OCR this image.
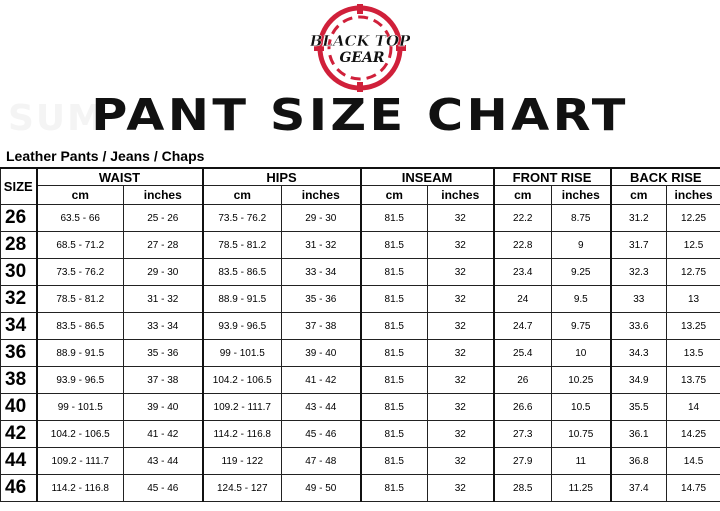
BLACK TOP
GEAR
SUM
PANT SIZE CHART
Leather Pants / Jeans / Chaps
SIZE	WAIST		HIPS		INSEAM		FRONT RISE		BACK RISE	
	cm	inches	cm	inches	cm	inches	cm	inches	cm	inches
26	63.5 - 66	25 - 26	73.5 - 76.2	29 - 30	81.5	32	22.2	8.75	31.2	12.25
28	68.5 - 71.2	27 - 28	78.5 - 81.2	31 - 32	81.5	32	22.8	9	31.7	12.5
30	73.5 - 76.2	29 - 30	83.5 - 86.5	33 - 34	81.5	32	23.4	9.25	32.3	12.75
32	78.5 - 81.2	31 - 32	88.9 - 91.5	35 - 36	81.5	32	24	9.5	33	13
34	83.5 - 86.5	33 - 34	93.9 - 96.5	37 - 38	81.5	32	24.7	9.75	33.6	13.25
36	88.9 - 91.5	35 - 36	99 - 101.5	39 - 40	81.5	32	25.4	10	34.3	13.5
38	93.9 - 96.5	37 - 38	104.2 - 106.5	41 - 42	81.5	32	26	10.25	34.9	13.75
40	99 - 101.5	39 - 40	109.2 - 111.7	43 - 44	81.5	32	26.6	10.5	35.5	14
42	104.2 - 106.5	41 - 42	114.2 - 116.8	45 - 46	81.5	32	27.3	10.75	36.1	14.25
44	109.2 - 111.7	43 - 44	119 - 122	47 - 48	81.5	32	27.9	11	36.8	14.5
46	114.2 - 116.8	45 - 46	124.5 - 127	49 - 50	81.5	32	28.5	11.25	37.4	14.75
